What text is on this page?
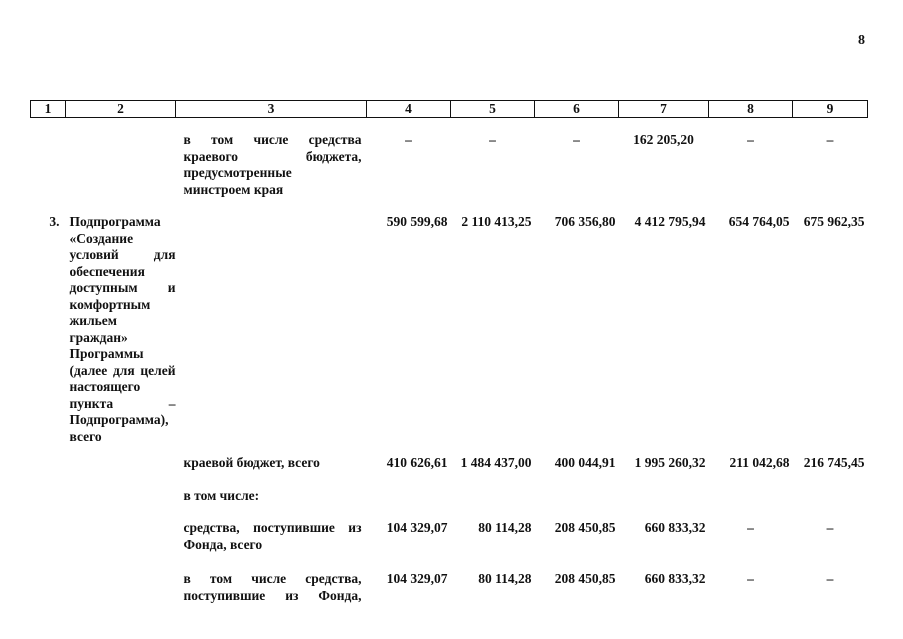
8
1	2	3	4	5	6	7	8	9
		в том числе средства краевого бюджета, предусмотренные минстроем края	–	–	–	162 205,20	–	–
3.	Подпрограмма «Создание условий для обеспечения доступным и комфортным жильем граждан» Программы (далее для целей настоящего пункта – Подпрограмма), всего		590 599,68	2 110 413,25	706 356,80	4 412 795,94	654 764,05	675 962,35
		краевой бюджет, всего	410 626,61	1 484 437,00	400 044,91	1 995 260,32	211 042,68	216 745,45
		в том числе:						
		средства, поступившие из Фонда, всего	104 329,07	80 114,28	208 450,85	660 833,32	–	–
		в том числе средства, поступившие из Фонда,	104 329,07	80 114,28	208 450,85	660 833,32	–	–
